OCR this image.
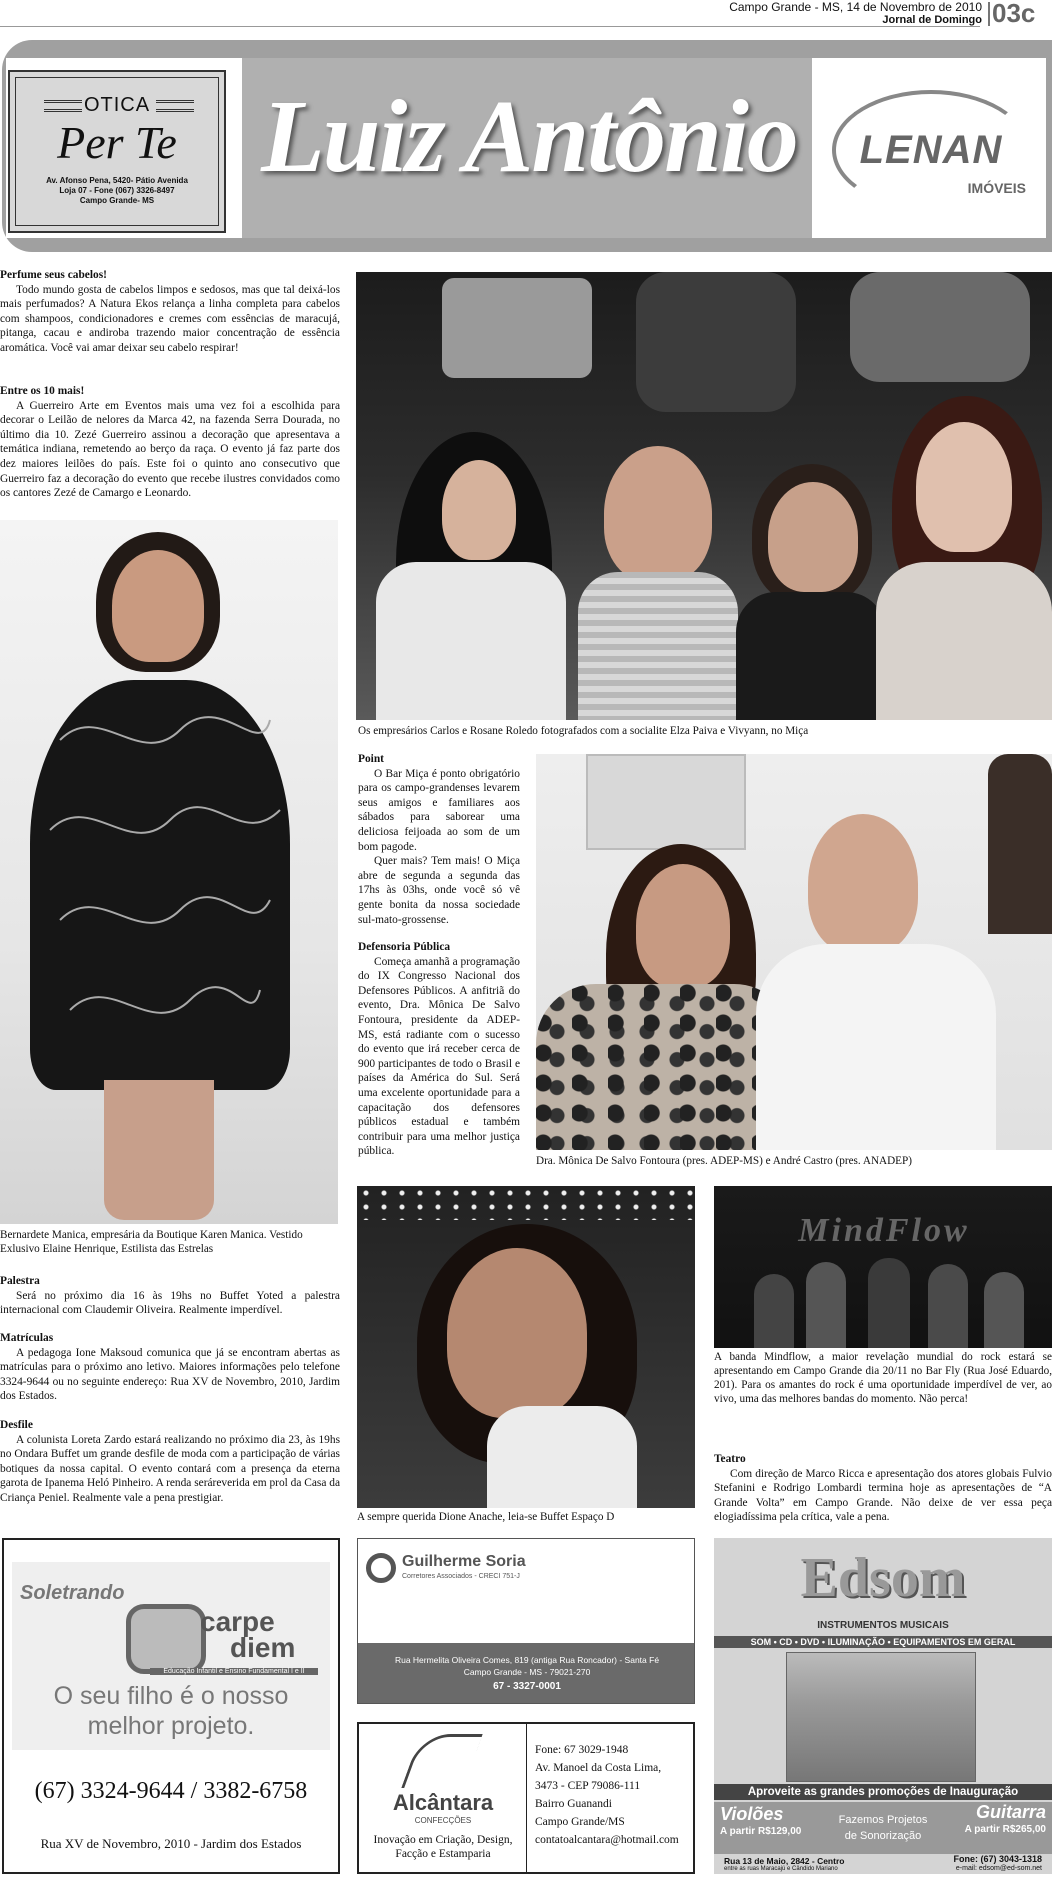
Campo Grande - MS, 14 de Novembro de 2010
Jornal de Domingo 03c
OTICA
Per Te
Av. Afonso Pena, 5420- Pátio Avenida
Loja 07 - Fone (067) 3326-8497
Campo Grande- MS
Luiz Antônio	LENAN
IMÓVEIS
Perfume seus cabelos!

Todo mundo gosta de cabelos limpos e sedosos, mas que tal deixá-los mais perfumados? A Natura Ekos relança a linha completa para cabelos com shampoos, condicionadores e cremes com essências de maracujá, pitanga, cacau e andiroba trazendo maior concentração de essência aromática. Você vai amar deixar seu cabelo respirar!

Entre os 10 mais!

A Guerreiro Arte em Eventos mais uma vez foi a escolhida para decorar o Leilão de nelores da Marca 42, na fazenda Serra Dourada, no último dia 10. Zezé Guerreiro assinou a decoração que apresentava a temática indiana, remetendo ao berço da raça. O evento já faz parte dos dez maiores leilões do país. Este foi o quinto ano consecutivo que Guerreiro faz a decoração do evento que recebe ilustres convidados como os cantores Zezé de Camargo e Leonardo.

Bernardete Manica, empresária da Boutique Karen Manica. Vestido Exlusivo Elaine Henrique, Estilista das Estrelas
Palestra

Será no próximo dia 16 às 19hs no Buffet Yoted a palestra internacional com Claudemir Oliveira. Realmente imperdível.

Matrículas

A pedagoga Ione Maksoud comunica que já se encontram abertas as matrículas para o próximo ano letivo. Maiores informações pelo telefone 3324-9644 ou no seguinte endereço: Rua XV de Novembro, 2010, Jardim dos Estados.

Desfile

A colunista Loreta Zardo estará realizando no próximo dia 23, às 19hs no Ondara Buffet um grande desfile de moda com a participação de várias botiques da nossa capital. O evento contará com a presença da eterna garota de Ipanema Heló Pinheiro. A renda seráreverida em prol da Casa da Criança Peniel. Realmente vale a pena prestigiar.

Os empresários Carlos e Rosane Roledo fotografados com a socialite Elza Paiva e Vivyann, no Miça
Point

O Bar Miça é ponto obrigatório para os campo-grandenses levarem seus amigos e familiares aos sábados para saborear uma deliciosa feijoada ao som de um bom pagode.

Quer mais? Tem mais! O Miça abre de segunda a segunda das 17hs às 03hs, onde você só vê gente bonita da nossa sociedade sul-mato-grossense.

Defensoria Pública

Começa amanhã a programação do IX Congresso Nacional dos Defensores Públicos. A anfitriã do evento, Dra. Mônica De Salvo Fontoura, presidente da ADEP-MS, está radiante com o sucesso do evento que irá receber cerca de 900 participantes de todo o Brasil e países da América do Sul. Será uma excelente oportunidade para a capacitação dos defensores públicos estadual e também contribuir para uma melhor justiça pública.

Dra. Mônica De Salvo Fontoura (pres. ADEP-MS) e André Castro (pres. ANADEP)
A sempre querida Dione Anache, leia-se Buffet Espaço D
MindFlow
A banda Mindflow, a maior revelação mundial do rock estará se apresentando em Campo Grande dia 20/11 no Bar Fly (Rua José Eduardo, 201). Para os amantes do rock é uma oportunidade imperdível de ver, ao vivo, uma das melhores bandas do momento. Não perca!
Teatro

Com direção de Marco Ricca e apresentação dos atores globais Fulvio Stefanini e Rodrigo Lombardi termina hoje as apresentações de “A Grande Volta” em Campo Grande. Não deixe de ver essa peça elogiadíssima pela crítica, vale a pena.

Soletrando
carpe
diem
Educação Infantil e Ensino Fundamental I e II
O seu filho é o nosso
melhor projeto.
(67) 3324-9644 / 3382-6758
Rua XV de Novembro, 2010 - Jardim dos Estados
Guilherme Soria
Corretores Associados - CRECI 751-J
Rua Hermelita Oliveira Comes, 819 (antiga Rua Roncador) - Santa Fé
Campo Grande - MS - 79021-270
67 - 3327-0001
Alcântara
CONFECÇÕES
Inovação em Criação, Design,
Facção e Estamparia
Fone: 67 3029-1948
Av. Manoel da Costa Lima,
3473 - CEP 79086-111
Bairro Guanandi
Campo Grande/MS
contatoalcantara@hotmail.com
Edsom
INSTRUMENTOS MUSICAIS
SOM • CD • DVD • ILUMINAÇÃO • EQUIPAMENTOS EM GERAL
Aproveite as grandes promoções de Inauguração
Violões
A partir R$129,00
Fazemos Projetos
de Sonorização
Guitarra
A partir R$265,00
Rua 13 de Maio, 2842 - Centro
entre as ruas Maracajú e Cândido Mariano
Fone: (67) 3043-1318
e-mail: edsom@ed-som.net
